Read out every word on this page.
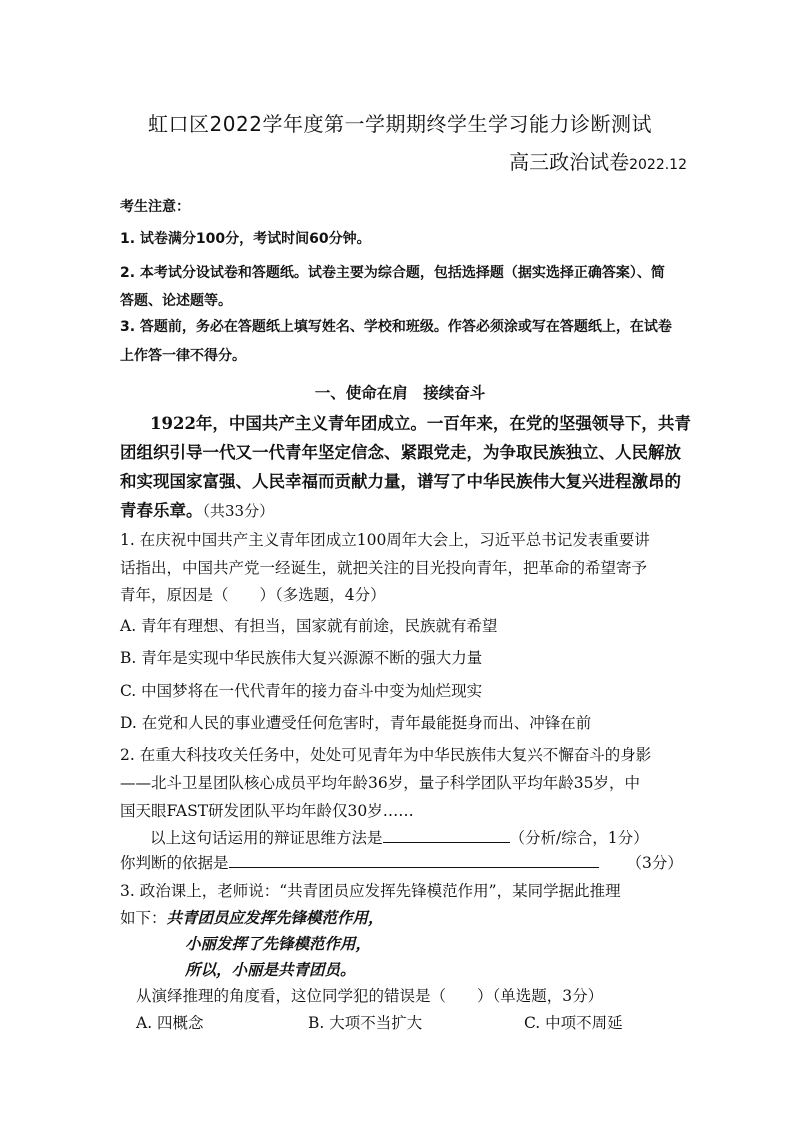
虹口区2022学年度第一学期期终学生学习能力诊断测试
高三政治试卷2022.12
考生注意：
1. 试卷满分100分，考试时间60分钟。
2. 本考试分设试卷和答题纸。试卷主要为综合题，包括选择题（据实选择正确答案）、简
答题、论述题等。
3. 答题前，务必在答题纸上填写姓名、学校和班级。作答必须涂或写在答题纸上，在试卷
上作答一律不得分。
一、使命在肩　接续奋斗
1922年，中国共产主义青年团成立。一百年来，在党的坚强领导下，共青
团组织引导一代又一代青年坚定信念、紧跟党走，为争取民族独立、人民解放
和实现国家富强、人民幸福而贡献力量，谱写了中华民族伟大复兴进程激昂的
青春乐章。（共33分）
1. 在庆祝中国共产主义青年团成立100周年大会上，习近平总书记发表重要讲
话指出，中国共产党一经诞生，就把关注的目光投向青年，把革命的希望寄予
青年，原因是（　　）（多选题，4分）
A. 青年有理想、有担当，国家就有前途，民族就有希望
B. 青年是实现中华民族伟大复兴源源不断的强大力量
C. 中国梦将在一代代青年的接力奋斗中变为灿烂现实
D. 在党和人民的事业遭受任何危害时，青年最能挺身而出、冲锋在前
2. 在重大科技攻关任务中，处处可见青年为中华民族伟大复兴不懈奋斗的身影
——北斗卫星团队核心成员平均年龄36岁，量子科学团队平均年龄35岁，中
国天眼FAST研发团队平均年龄仅30岁……
以上这句话运用的辩证思维方法是	（分析/综合，1分）
你判断的依据是	（3分）
3. 政治课上，老师说：“共青团员应发挥先锋模范作用”，某同学据此推理
如下：共青团员应发挥先锋模范作用，
小丽发挥了先锋模范作用，
所以，小丽是共青团员。
从演绎推理的角度看，这位同学犯的错误是（　　）（单选题，3分）
A. 四概念	B. 大项不当扩大	C. 中项不周延
